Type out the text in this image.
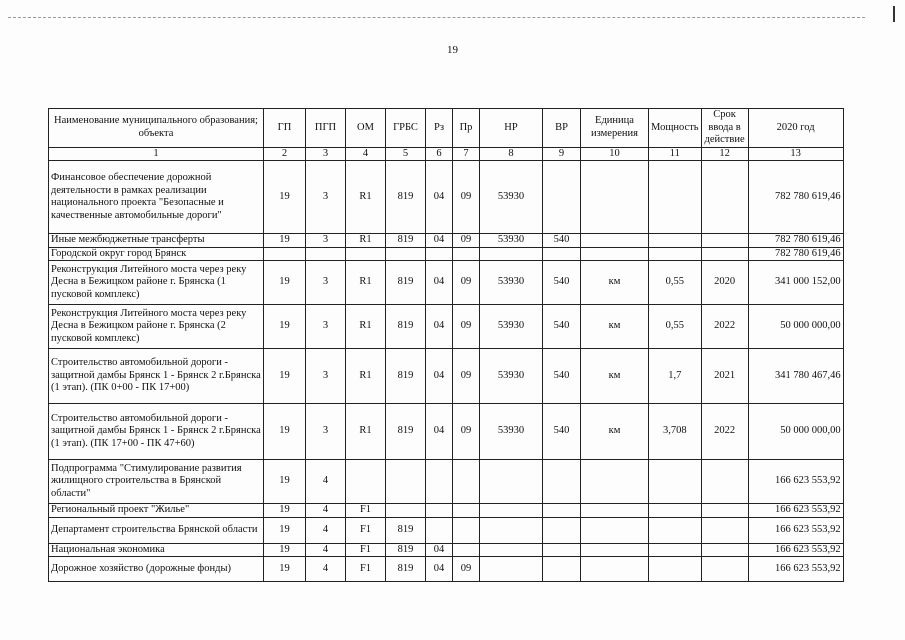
19
Наименование муниципального образования; объекта	ГП	ПГП	ОМ	ГРБС	Рз	Пр	НР	ВР	Единица измерения	Мощность	Срок ввода в действие	2020 год
1	2	3	4	5	6	7	8	9	10	11	12	13
Финансовое обеспечение дорожной деятельности в рамках реализации национального проекта "Безопасные и качественные автомобильные дороги"	19	3	R1	819	04	09	53930					782 780 619,46
Иные межбюджетные трансферты	19	3	R1	819	04	09	53930	540				782 780 619,46
Городской округ город Брянск												782 780 619,46
Реконструкция Литейного моста через реку Десна в Бежицком районе г. Брянска (1 пусковой комплекс)	19	3	R1	819	04	09	53930	540	км	0,55	2020	341 000 152,00
Реконструкция Литейного моста через реку Десна в Бежицком районе г. Брянска (2 пусковой комплекс)	19	3	R1	819	04	09	53930	540	км	0,55	2022	50 000 000,00
Строительство автомобильной дороги - защитной дамбы Брянск 1 - Брянск 2 г.Брянска (1 этап). (ПК 0+00 - ПК 17+00)	19	3	R1	819	04	09	53930	540	км	1,7	2021	341 780 467,46
Строительство автомобильной дороги - защитной дамбы Брянск 1 - Брянск 2 г.Брянска (1 этап). (ПК 17+00 - ПК 47+60)	19	3	R1	819	04	09	53930	540	км	3,708	2022	50 000 000,00
Подпрограмма "Стимулирование развития жилищного строительства в Брянской области"	19	4										166 623 553,92
Региональный проект "Жилье"	19	4	F1									166 623 553,92
Департамент строительства Брянской области	19	4	F1	819								166 623 553,92
Национальная экономика	19	4	F1	819	04							166 623 553,92
Дорожное хозяйство (дорожные фонды)	19	4	F1	819	04	09						166 623 553,92
